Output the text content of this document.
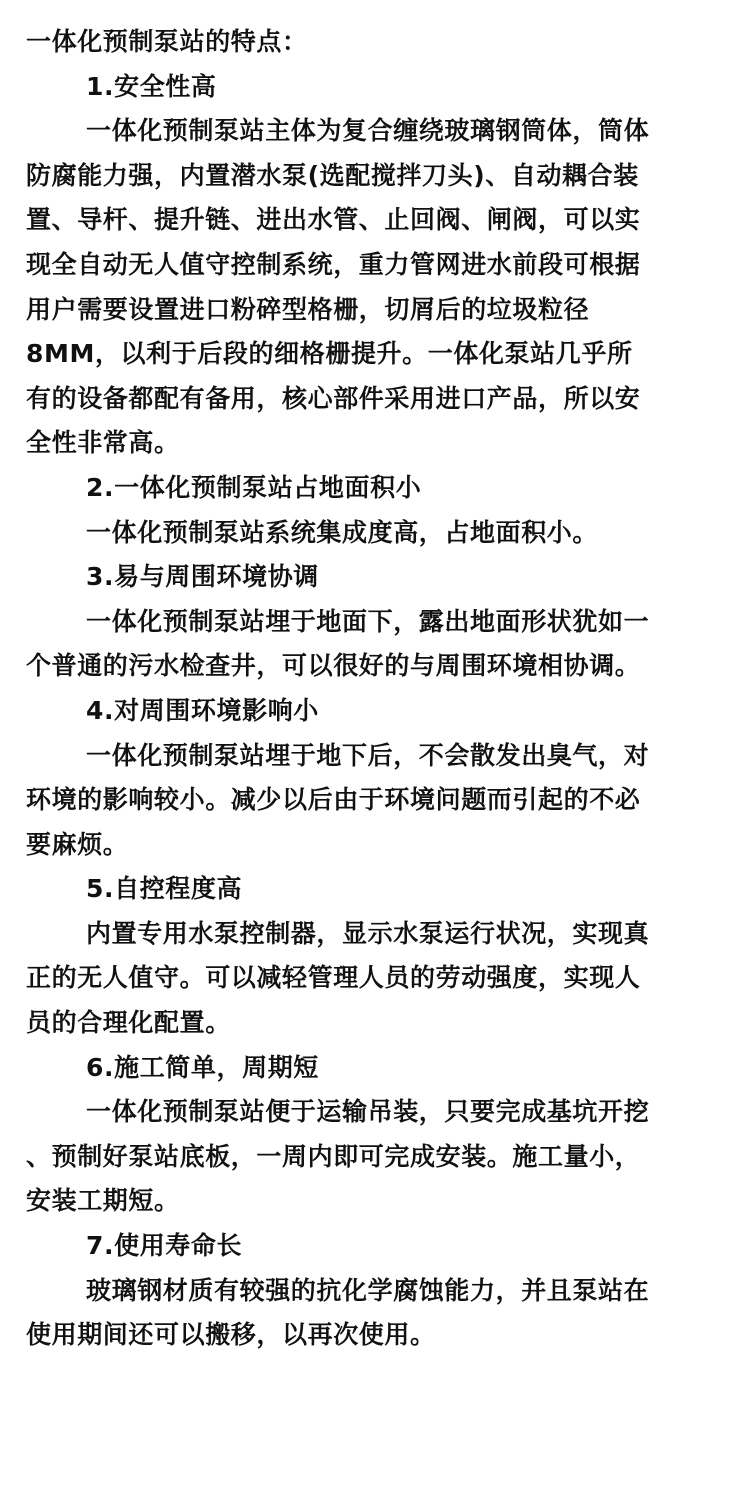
一体化预制泵站的特点：
1.安全性高
一体化预制泵站主体为复合缠绕玻璃钢筒体，筒体
防腐能力强，内置潜水泵(选配搅拌刀头)、自动耦合装
置、导杆、提升链、进出水管、止回阀、闸阀，可以实
现全自动无人值守控制系统，重力管网进水前段可根据
用户需要设置进口粉碎型格栅，切屑后的垃圾粒径
8MM，以利于后段的细格栅提升。一体化泵站几乎所
有的设备都配有备用，核心部件采用进口产品，所以安
全性非常高。
2.一体化预制泵站占地面积小
一体化预制泵站系统集成度高，占地面积小。
3.易与周围环境协调
一体化预制泵站埋于地面下，露出地面形状犹如一
个普通的污水检查井，可以很好的与周围环境相协调。
4.对周围环境影响小
一体化预制泵站埋于地下后，不会散发出臭气，对
环境的影响较小。减少以后由于环境问题而引起的不必
要麻烦。
5.自控程度高
内置专用水泵控制器，显示水泵运行状况，实现真
正的无人值守。可以减轻管理人员的劳动强度，实现人
员的合理化配置。
6.施工简单，周期短
一体化预制泵站便于运输吊装，只要完成基坑开挖
、预制好泵站底板，一周内即可完成安装。施工量小，
安装工期短。
7.使用寿命长
玻璃钢材质有较强的抗化学腐蚀能力，并且泵站在
使用期间还可以搬移，以再次使用。
